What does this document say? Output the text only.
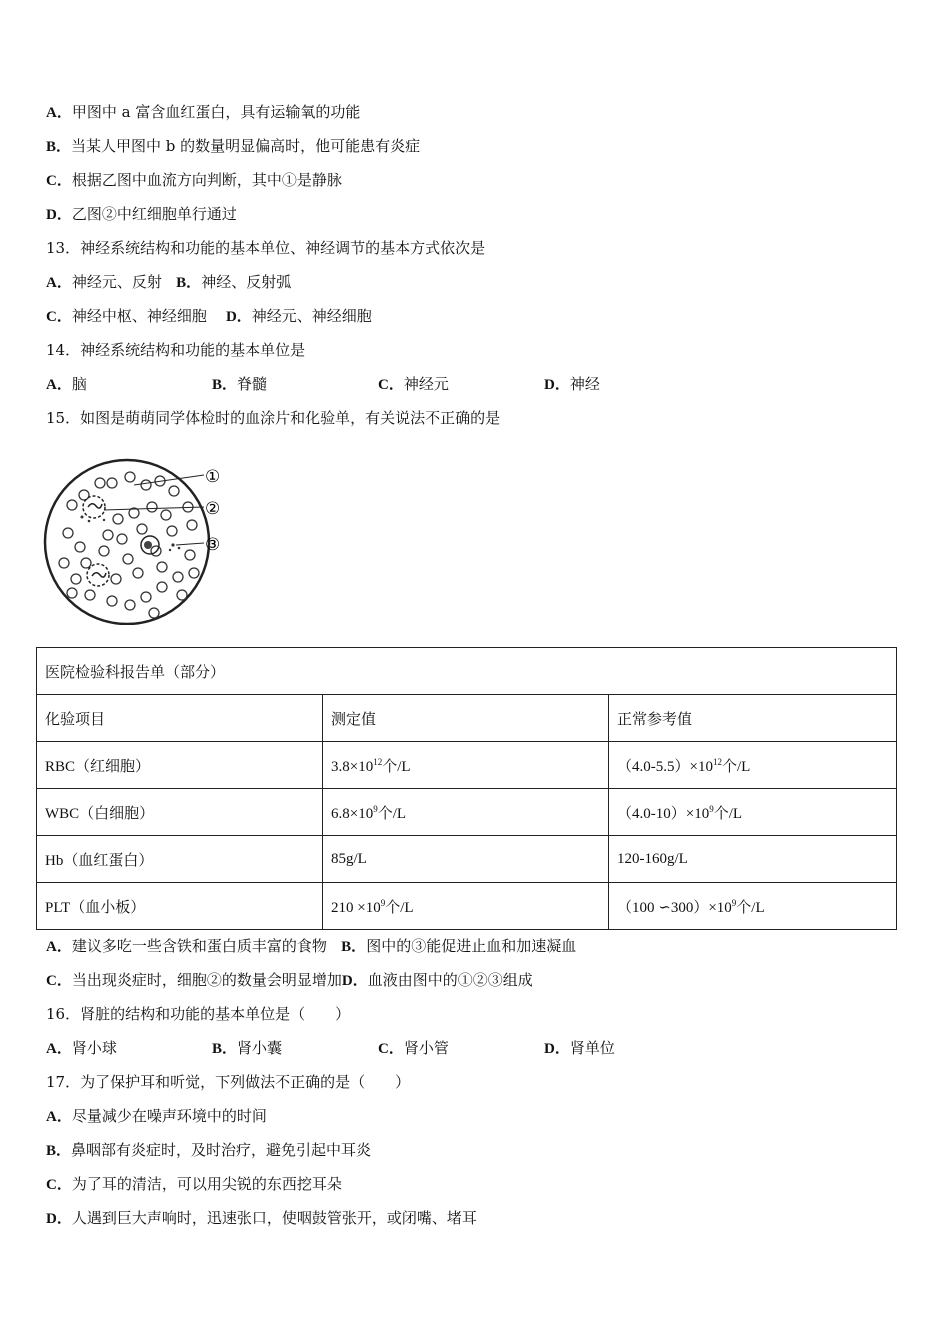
A．甲图中 a 富含血红蛋白，具有运输氧的功能
B．当某人甲图中 b 的数量明显偏高时，他可能患有炎症
C．根据乙图中血流方向判断，其中①是静脉
D．乙图②中红细胞单行通过
13．神经系统结构和功能的基本单位、神经调节的基本方式依次是
A．神经元、反射 B．神经、反射弧
C．神经中枢、神经细胞 D．神经元、神经细胞
14．神经系统结构和功能的基本单位是
A．脑	B．脊髓	C．神经元	D．神经
15．如图是萌萌同学体检时的血涂片和化验单，有关说法不正确的是
①
②
③
医院检验科报告单（部分）		
化验项目	测定值	正常参考值
RBC（红细胞）	$3.8\times 10^{12}$个/L	$(4.0-5.5)\times 10^{12}$个/L
WBC（白细胞）	$6.8\times 10^9$个/L	$(4.0-10)\times 10^9$个/L
Hb（血红蛋白）	85g/L	120-160g/L
PLT（血小板）	$210 \times 10^9$个/L	（100 $∽300)\times 10^9$个/L
A．建议多吃一些含铁和蛋白质丰富的食物 B．图中的③能促进止血和加速凝血
C．当出现炎症时，细胞②的数量会明显增加D．血液由图中的①②③组成
16．肾脏的结构和功能的基本单位是（　　）
A．肾小球	B．肾小囊	C．肾小管	D．肾单位
17．为了保护耳和听觉，下列做法不正确的是（　　）
A．尽量减少在噪声环境中的时间
B．鼻咽部有炎症时，及时治疗，避免引起中耳炎
C．为了耳的清洁，可以用尖锐的东西挖耳朵
D．人遇到巨大声响时，迅速张口，使咽鼓管张开，或闭嘴、堵耳
